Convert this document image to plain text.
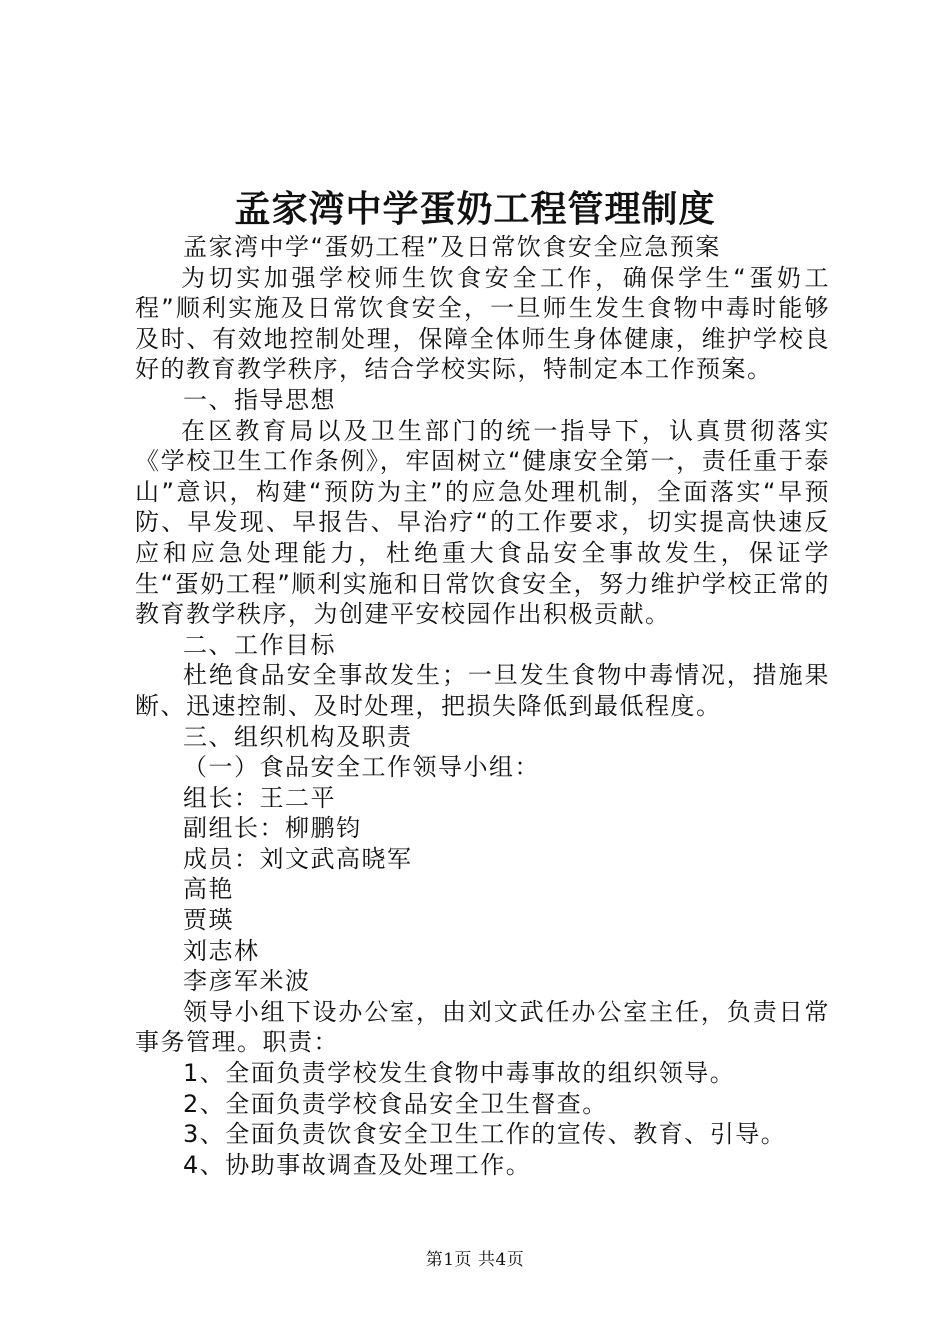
孟家湾中学蛋奶工程管理制度

孟家湾中学“蛋奶工程”及日常饮食安全应急预案

为切实加强学校师生饮食安全工作，确保学生“蛋奶工程”顺利实施及日常饮食安全，一旦师生发生食物中毒时能够及时、有效地控制处理，保障全体师生身体健康，维护学校良好的教育教学秩序，结合学校实际，特制定本工作预案。

一、指导思想

在区教育局以及卫生部门的统一指导下，认真贯彻落实《学校卫生工作条例》，牢固树立“健康安全第一，责任重于泰山”意识，构建“预防为主”的应急处理机制，全面落实“早预防、早发现、早报告、早治疗“的工作要求，切实提高快速反应和应急处理能力，杜绝重大食品安全事故发生，保证学生“蛋奶工程”顺利实施和日常饮食安全，努力维护学校正常的教育教学秩序，为创建平安校园作出积极贡献。

二、工作目标

杜绝食品安全事故发生；一旦发生食物中毒情况，措施果断、迅速控制、及时处理，把损失降低到最低程度。

三、组织机构及职责

（一）食品安全工作领导小组：

组长：王二平

副组长：柳鹏钧

成员：刘文武高晓军

高艳

贾瑛

刘志林

李彦军米波

领导小组下设办公室，由刘文武任办公室主任，负责日常事务管理。职责：

1、全面负责学校发生食物中毒事故的组织领导。

2、全面负责学校食品安全卫生督查。

3、全面负责饮食安全卫生工作的宣传、教育、引导。

4、协助事故调查及处理工作。

第1页 共4页
